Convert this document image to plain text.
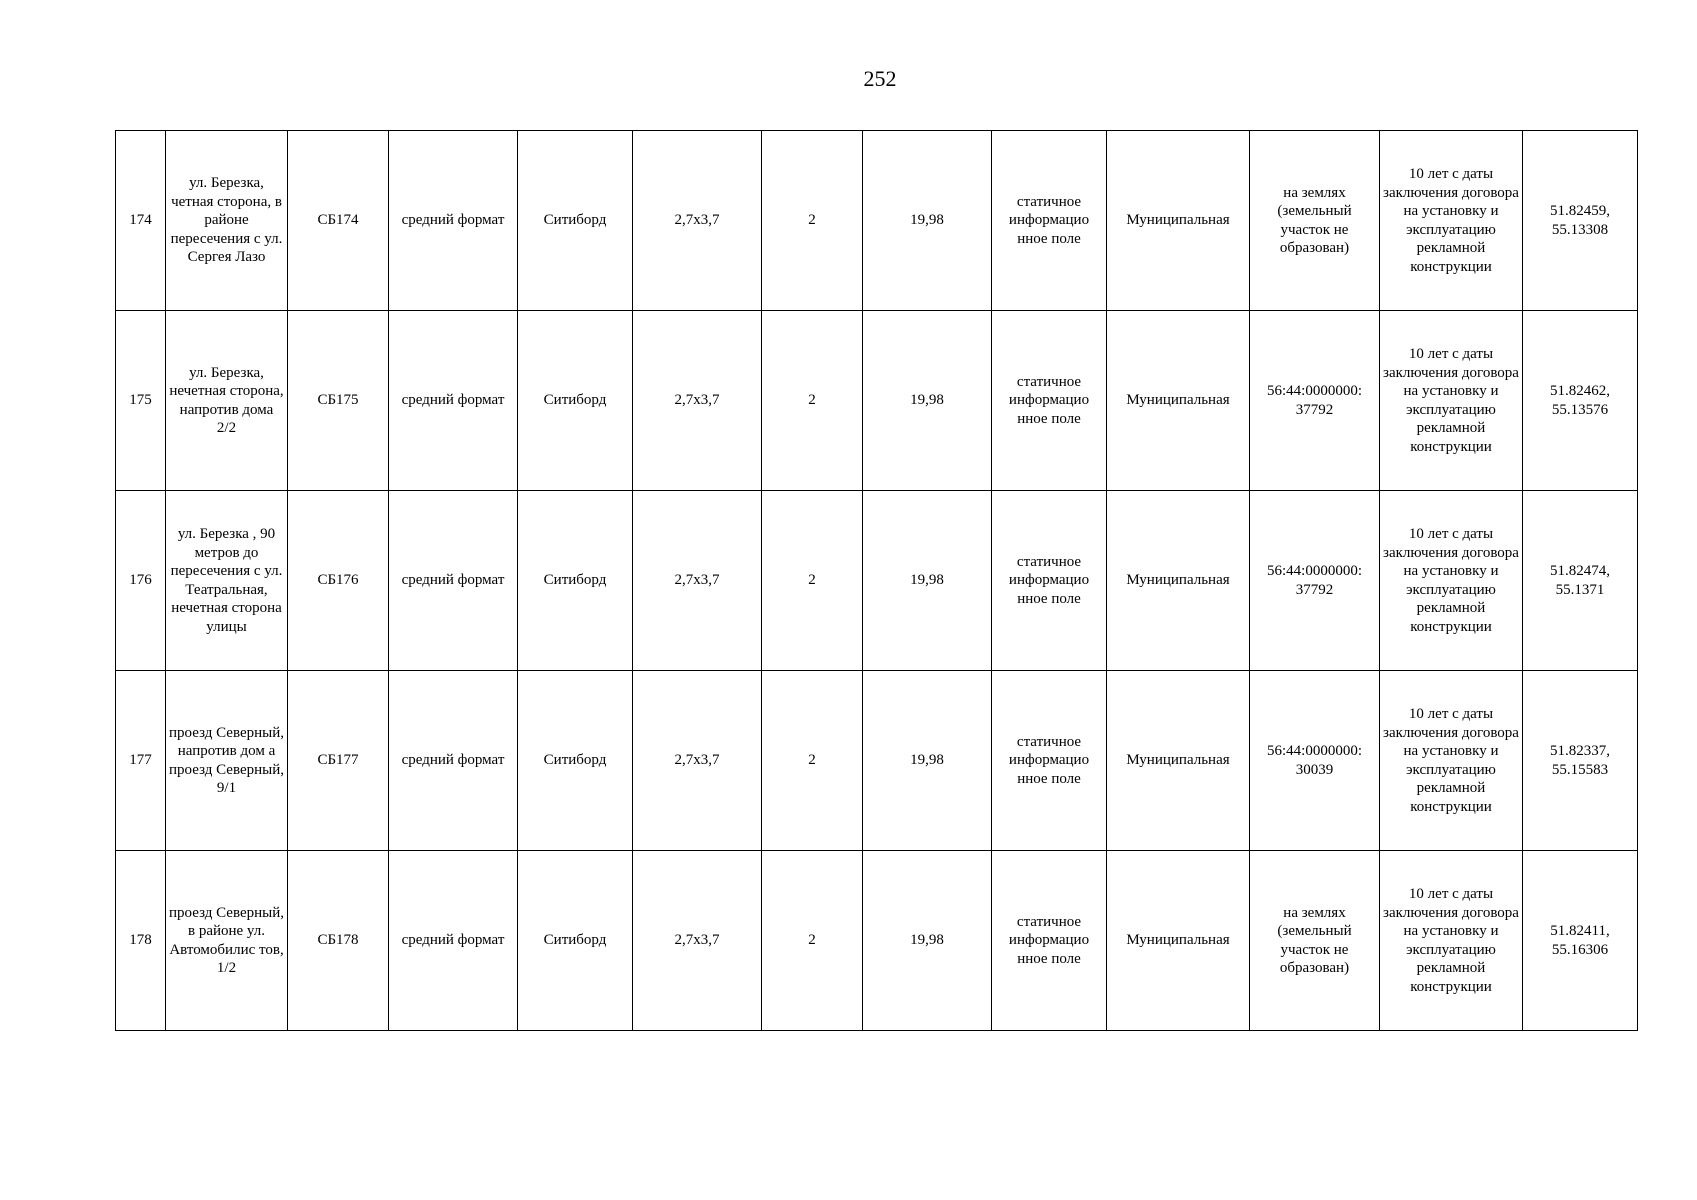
252
174	ул. Березка, четная сторона, в районе пересечения с ул. Сергея Лазо	СБ174	средний формат	Ситиборд	2,7х3,7	2	19,98	статичное информацио нное поле	Муниципальная	на землях (земельный участок не образован)	10 лет с даты заключения договора на установку и эксплуатацию рекламной конструкции	51.82459, 55.13308
175	ул. Березка, нечетная сторона, напротив дома 2/2	СБ175	средний формат	Ситиборд	2,7х3,7	2	19,98	статичное информацио нное поле	Муниципальная	56:44:0000000: 37792	10 лет с даты заключения договора на установку и эксплуатацию рекламной конструкции	51.82462, 55.13576
176	ул. Березка , 90 метров до пересечения с ул. Театральная, нечетная сторона улицы	СБ176	средний формат	Ситиборд	2,7х3,7	2	19,98	статичное информацио нное поле	Муниципальная	56:44:0000000: 37792	10 лет с даты заключения договора на установку и эксплуатацию рекламной конструкции	51.82474, 55.1371
177	проезд Северный, напротив дом а проезд Северный, 9/1	СБ177	средний формат	Ситиборд	2,7х3,7	2	19,98	статичное информацио нное поле	Муниципальная	56:44:0000000: 30039	10 лет с даты заключения договора на установку и эксплуатацию рекламной конструкции	51.82337, 55.15583
178	проезд Северный, в районе ул. Автомобилис тов, 1/2	СБ178	средний формат	Ситиборд	2,7х3,7	2	19,98	статичное информацио нное поле	Муниципальная	на землях (земельный участок не образован)	10 лет с даты заключения договора на установку и эксплуатацию рекламной конструкции	51.82411, 55.16306
